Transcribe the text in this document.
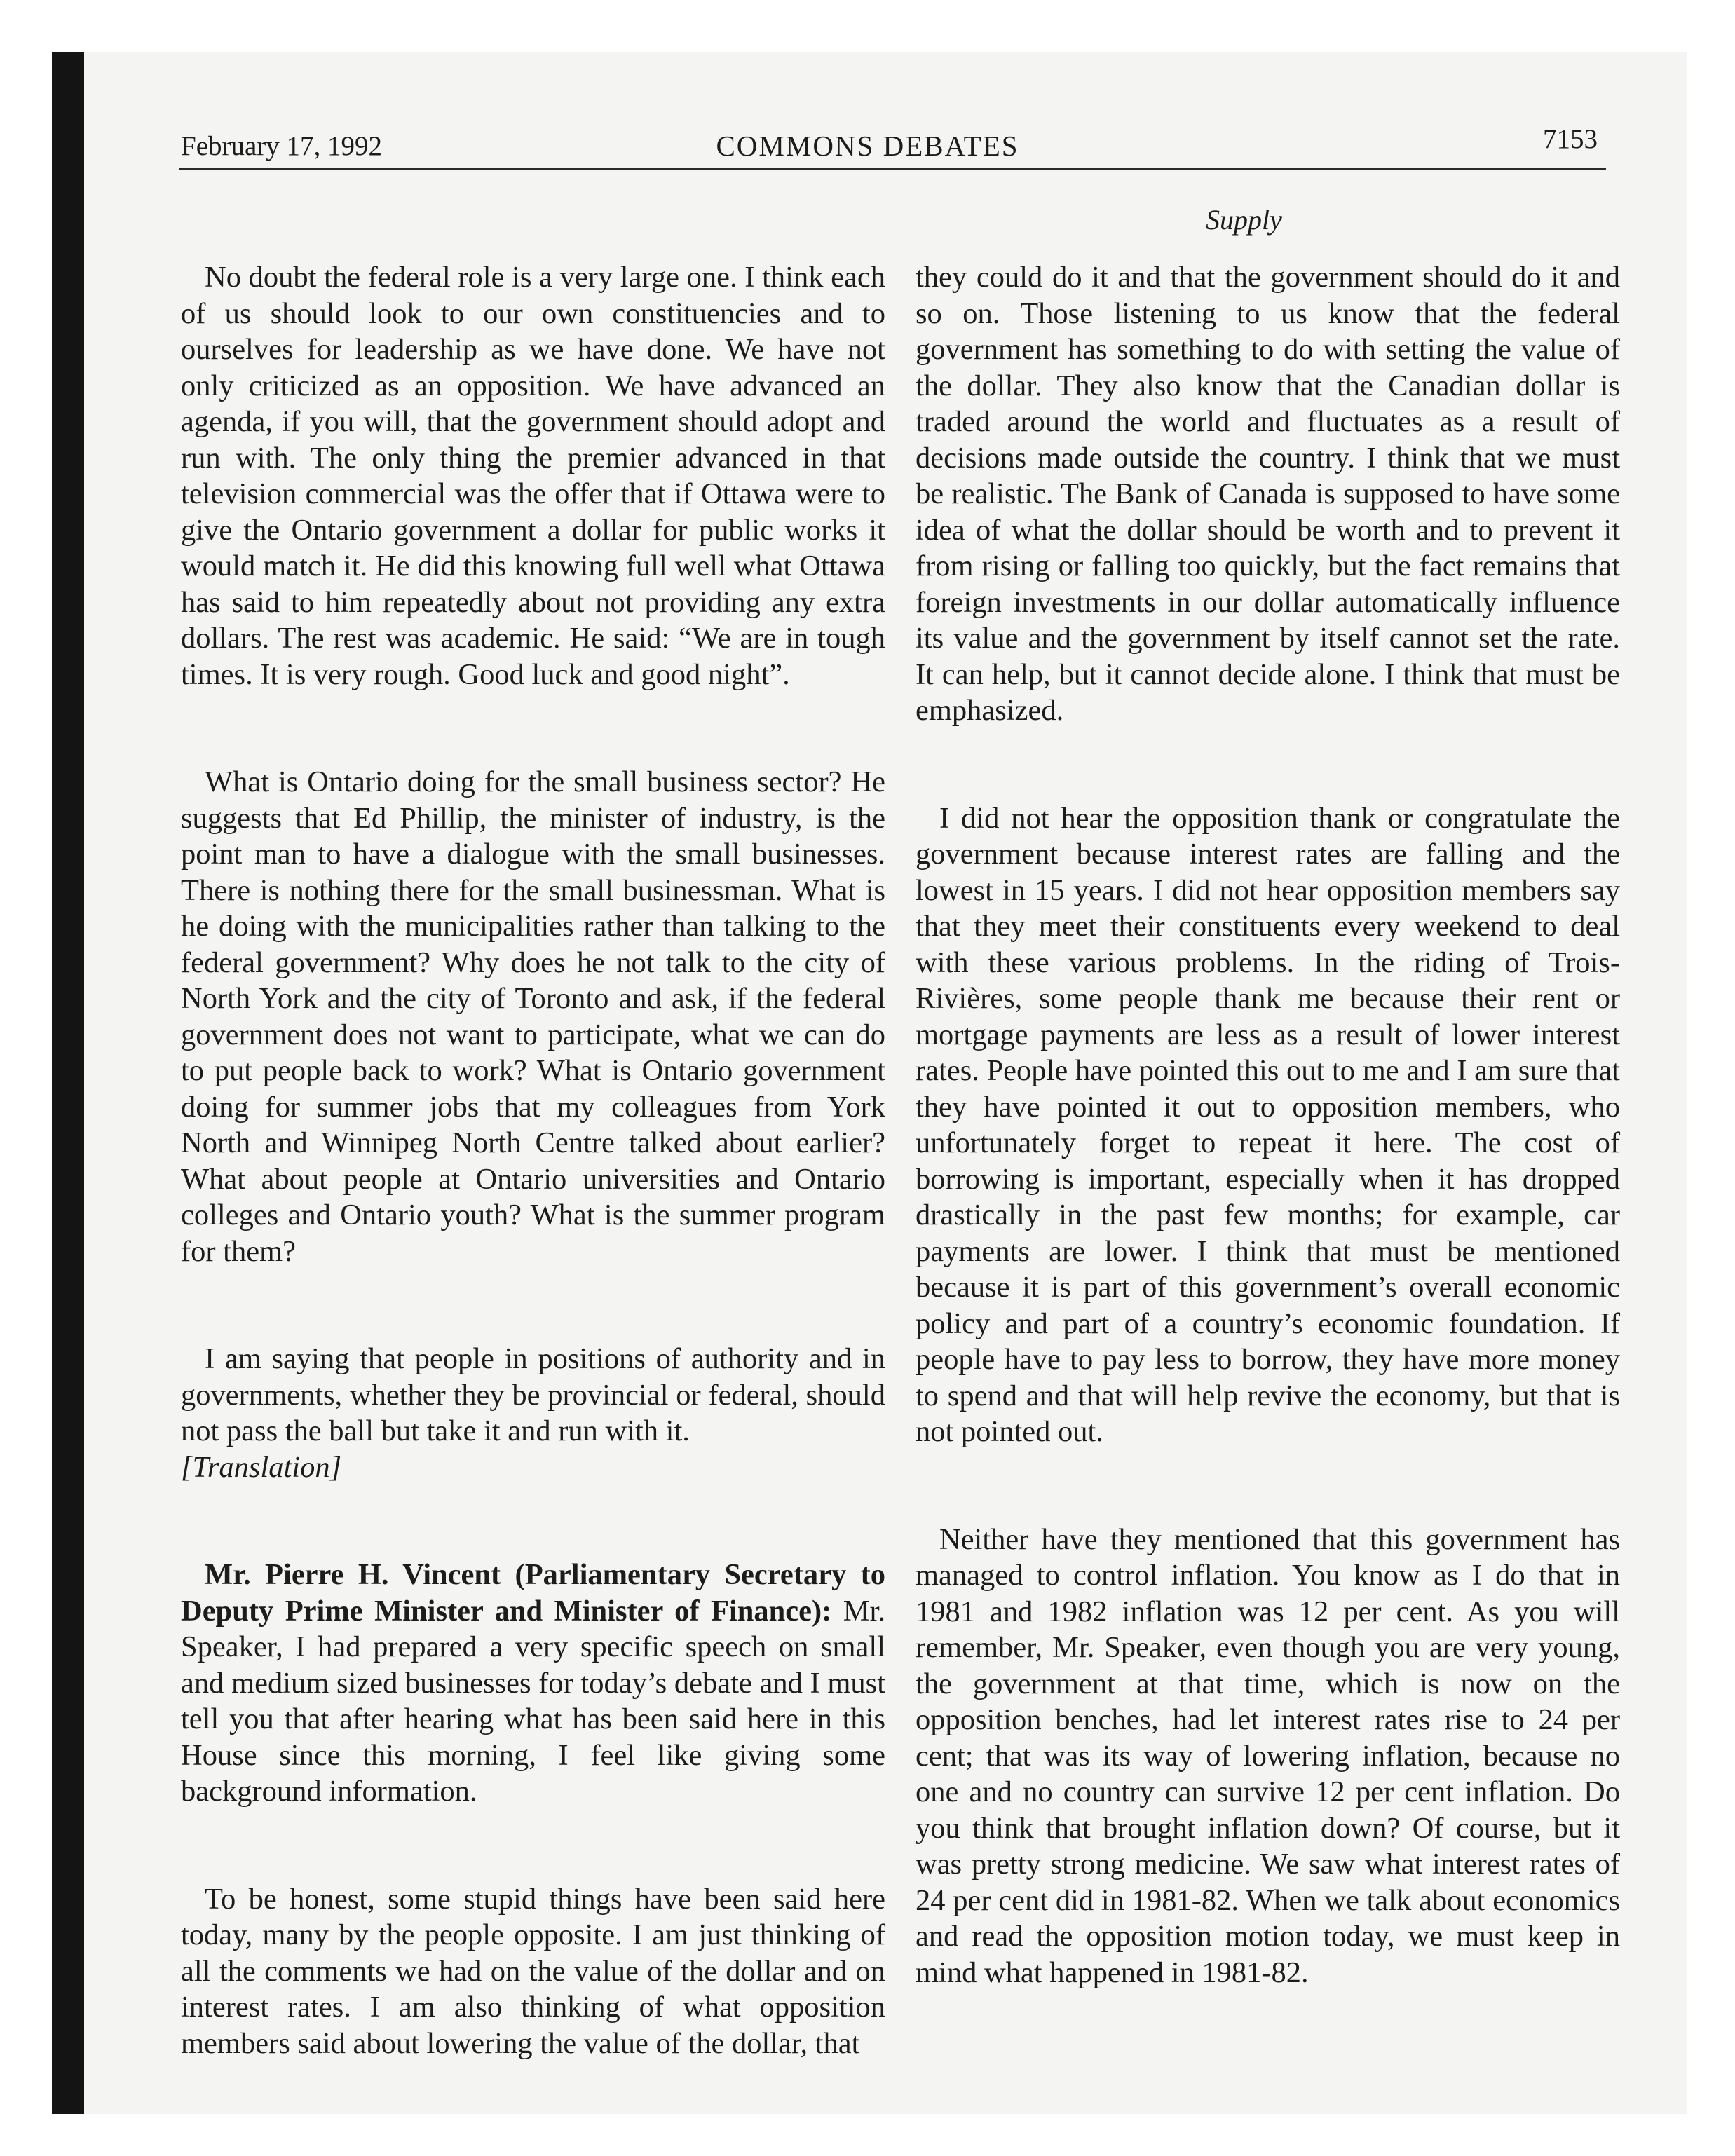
February 17, 1992	COMMONS DEBATES	7153
Supply

No doubt the federal role is a very large one. I think each of us should look to our own constituencies and to ourselves for leadership as we have done. We have not only criticized as an opposition. We have advanced an agenda, if you will, that the government should adopt and run with. The only thing the premier advanced in that television commercial was the offer that if Ottawa were to give the Ontario government a dollar for public works it would match it. He did this knowing full well what Ottawa has said to him repeatedly about not providing any extra dollars. The rest was academic. He said: “We are in tough times. It is very rough. Good luck and good night”.

What is Ontario doing for the small business sector? He suggests that Ed Phillip, the minister of industry, is the point man to have a dialogue with the small businesses. There is nothing there for the small businessman. What is he doing with the municipalities rather than talking to the federal government? Why does he not talk to the city of North York and the city of Toronto and ask, if the federal government does not want to participate, what we can do to put people back to work? What is Ontario government doing for summer jobs that my colleagues from York North and Winnipeg North Centre talked about earlier? What about people at Ontario universities and Ontario colleges and Ontario youth? What is the summer program for them?

I am saying that people in positions of authority and in governments, whether they be provincial or federal, should not pass the ball but take it and run with it.

[Translation]

Mr. Pierre H. Vincent (Parliamentary Secretary to Deputy Prime Minister and Minister of Finance): Mr. Speaker, I had prepared a very specific speech on small and medium sized businesses for today’s debate and I must tell you that after hearing what has been said here in this House since this morning, I feel like giving some background information.

To be honest, some stupid things have been said here today, many by the people opposite. I am just thinking of all the comments we had on the value of the dollar and on interest rates. I am also thinking of what opposition members said about lowering the value of the dollar, that

they could do it and that the government should do it and so on. Those listening to us know that the federal government has something to do with setting the value of the dollar. They also know that the Canadian dollar is traded around the world and fluctuates as a result of decisions made outside the country. I think that we must be realistic. The Bank of Canada is supposed to have some idea of what the dollar should be worth and to prevent it from rising or falling too quickly, but the fact remains that foreign investments in our dollar automatically influence its value and the government by itself cannot set the rate. It can help, but it cannot decide alone. I think that must be emphasized.

I did not hear the opposition thank or congratulate the government because interest rates are falling and the lowest in 15 years. I did not hear opposition members say that they meet their constituents every weekend to deal with these various problems. In the riding of Trois-Rivières, some people thank me because their rent or mortgage payments are less as a result of lower interest rates. People have pointed this out to me and I am sure that they have pointed it out to opposition members, who unfortunately forget to repeat it here. The cost of borrowing is important, especially when it has dropped drastically in the past few months; for example, car payments are lower. I think that must be mentioned because it is part of this government’s overall economic policy and part of a country’s economic foundation. If people have to pay less to borrow, they have more money to spend and that will help revive the economy, but that is not pointed out.

Neither have they mentioned that this government has managed to control inflation. You know as I do that in 1981 and 1982 inflation was 12 per cent. As you will remember, Mr. Speaker, even though you are very young, the government at that time, which is now on the opposition benches, had let interest rates rise to 24 per cent; that was its way of lowering inflation, because no one and no country can survive 12 per cent inflation. Do you think that brought inflation down? Of course, but it was pretty strong medicine. We saw what interest rates of 24 per cent did in 1981-82. When we talk about economics and read the opposition motion today, we must keep in mind what happened in 1981-82.
